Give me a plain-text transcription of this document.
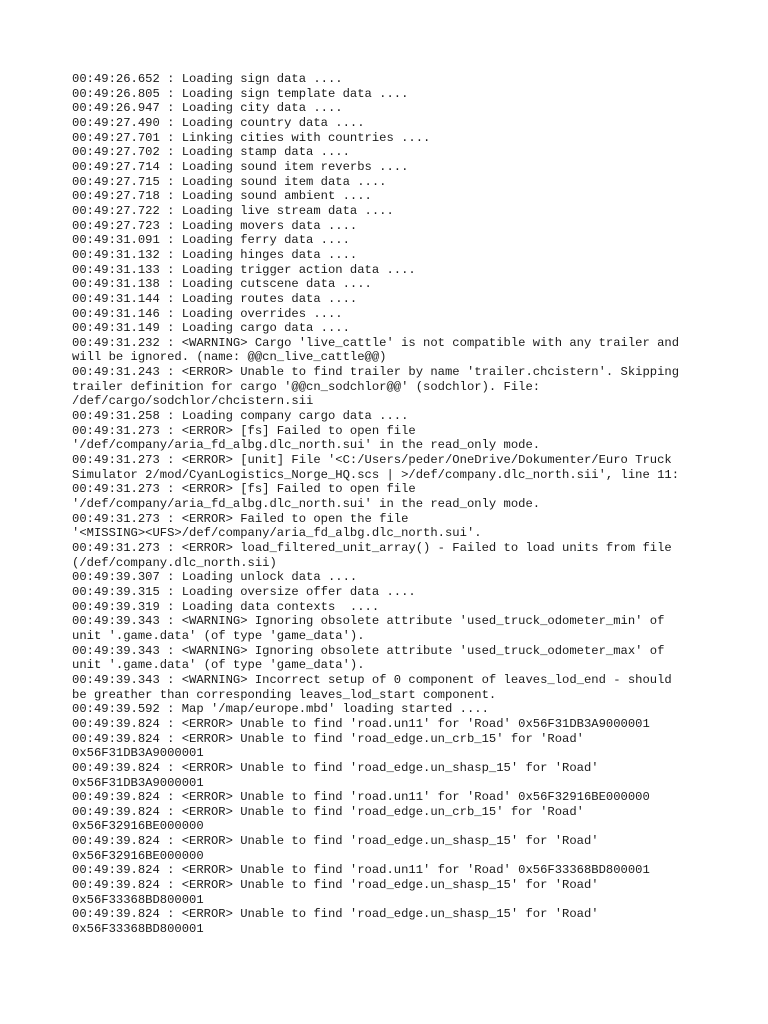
00:49:26.652 : Loading sign data ....
00:49:26.805 : Loading sign template data ....
00:49:26.947 : Loading city data ....
00:49:27.490 : Loading country data ....
00:49:27.701 : Linking cities with countries ....
00:49:27.702 : Loading stamp data ....
00:49:27.714 : Loading sound item reverbs ....
00:49:27.715 : Loading sound item data ....
00:49:27.718 : Loading sound ambient ....
00:49:27.722 : Loading live stream data ....
00:49:27.723 : Loading movers data ....
00:49:31.091 : Loading ferry data ....
00:49:31.132 : Loading hinges data ....
00:49:31.133 : Loading trigger action data ....
00:49:31.138 : Loading cutscene data ....
00:49:31.144 : Loading routes data ....
00:49:31.146 : Loading overrides ....
00:49:31.149 : Loading cargo data ....
00:49:31.232 : <WARNING> Cargo 'live_cattle' is not compatible with any trailer and
will be ignored. (name: @@cn_live_cattle@@)
00:49:31.243 : <ERROR> Unable to find trailer by name 'trailer.chcistern'. Skipping
trailer definition for cargo '@@cn_sodchlor@@' (sodchlor). File:
/def/cargo/sodchlor/chcistern.sii
00:49:31.258 : Loading company cargo data ....
00:49:31.273 : <ERROR> [fs] Failed to open file
'/def/company/aria_fd_albg.dlc_north.sui' in the read_only mode.
00:49:31.273 : <ERROR> [unit] File '<C:/Users/peder/OneDrive/Dokumenter/Euro Truck
Simulator 2/mod/CyanLogistics_Norge_HQ.scs | >/def/company.dlc_north.sii', line 11:
00:49:31.273 : <ERROR> [fs] Failed to open file
'/def/company/aria_fd_albg.dlc_north.sui' in the read_only mode.
00:49:31.273 : <ERROR> Failed to open the file
'<MISSING><UFS>/def/company/aria_fd_albg.dlc_north.sui'.
00:49:31.273 : <ERROR> load_filtered_unit_array() - Failed to load units from file
(/def/company.dlc_north.sii)
00:49:39.307 : Loading unlock data ....
00:49:39.315 : Loading oversize offer data ....
00:49:39.319 : Loading data contexts  ....
00:49:39.343 : <WARNING> Ignoring obsolete attribute 'used_truck_odometer_min' of
unit '.game.data' (of type 'game_data').
00:49:39.343 : <WARNING> Ignoring obsolete attribute 'used_truck_odometer_max' of
unit '.game.data' (of type 'game_data').
00:49:39.343 : <WARNING> Incorrect setup of 0 component of leaves_lod_end - should
be greather than corresponding leaves_lod_start component.
00:49:39.592 : Map '/map/europe.mbd' loading started ....
00:49:39.824 : <ERROR> Unable to find 'road.un11' for 'Road' 0x56F31DB3A9000001
00:49:39.824 : <ERROR> Unable to find 'road_edge.un_crb_15' for 'Road'
0x56F31DB3A9000001
00:49:39.824 : <ERROR> Unable to find 'road_edge.un_shasp_15' for 'Road'
0x56F31DB3A9000001
00:49:39.824 : <ERROR> Unable to find 'road.un11' for 'Road' 0x56F32916BE000000
00:49:39.824 : <ERROR> Unable to find 'road_edge.un_crb_15' for 'Road'
0x56F32916BE000000
00:49:39.824 : <ERROR> Unable to find 'road_edge.un_shasp_15' for 'Road'
0x56F32916BE000000
00:49:39.824 : <ERROR> Unable to find 'road.un11' for 'Road' 0x56F33368BD800001
00:49:39.824 : <ERROR> Unable to find 'road_edge.un_shasp_15' for 'Road'
0x56F33368BD800001
00:49:39.824 : <ERROR> Unable to find 'road_edge.un_shasp_15' for 'Road'
0x56F33368BD800001
